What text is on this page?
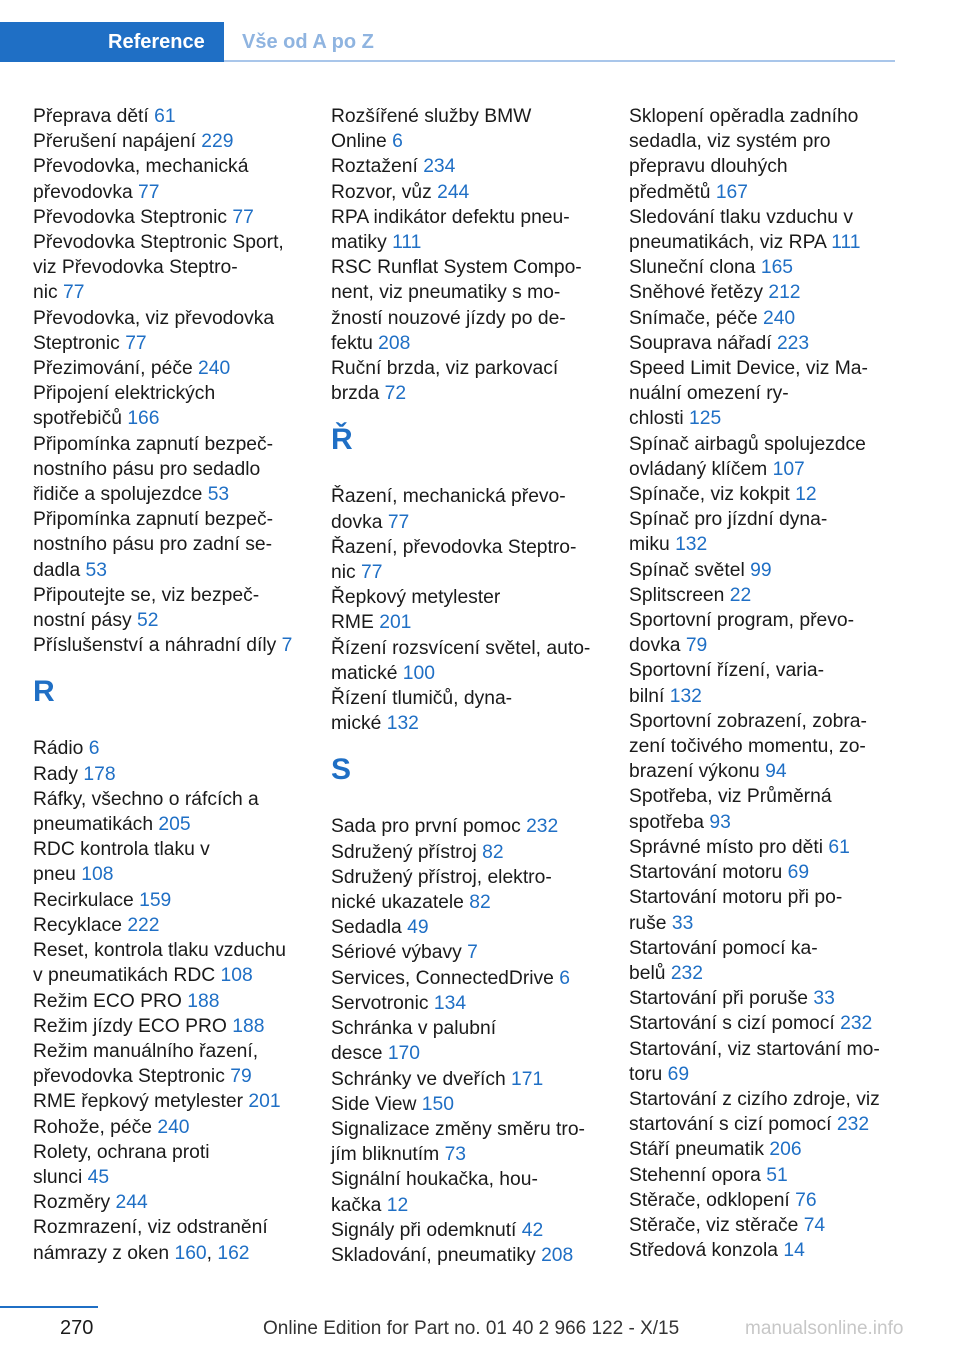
Reference	Vše od A po Z
Přeprava dětí 61
Přerušení napájení 229
Převodovka, mechanická
převodovka 77
Převodovka Steptronic 77
Převodovka Steptronic Sport,
viz Převodovka Steptro‐
nic 77
Převodovka, viz převodovka
Steptronic 77
Přezimování, péče 240
Připojení elektrických
spotřebičů 166
Připomínka zapnutí bezpeč‐
nostního pásu pro sedadlo
řidiče a spolujezdce 53
Připomínka zapnutí bezpeč‐
nostního pásu pro zadní se‐
dadla 53
Připoutejte se, viz bezpeč‐
nostní pásy 52
Příslušenství a náhradní díly 7
R
Rádio 6
Rady 178
Ráfky, všechno o ráfcích a
pneumatikách 205
RDC kontrola tlaku v
pneu 108
Recirkulace 159
Recyklace 222
Reset, kontrola tlaku vzduchu
v pneumatikách RDC 108
Režim ECO PRO 188
Režim jízdy ECO PRO 188
Režim manuálního řazení,
převodovka Steptronic 79
RME řepkový metylester 201
Rohože, péče 240
Rolety, ochrana proti
slunci 45
Rozměry 244
Rozmrazení, viz odstranění
námrazy z oken 160, 162
Rozšířené služby BMW
Online 6
Roztažení 234
Rozvor, vůz 244
RPA indikátor defektu pneu‐
matiky 111
RSC Runflat System Compo‐
nent, viz pneumatiky s mo‐
žností nouzové jízdy po de‐
fektu 208
Ruční brzda, viz parkovací
brzda 72
Ř
Řazení, mechanická převo‐
dovka 77
Řazení, převodovka Steptro‐
nic 77
Řepkový metylester
RME 201
Řízení rozsvícení světel, auto‐
matické 100
Řízení tlumičů, dyna‐
mické 132
S
Sada pro první pomoc 232
Sdružený přístroj 82
Sdružený přístroj, elektro‐
nické ukazatele 82
Sedadla 49
Sériové výbavy 7
Services, ConnectedDrive 6
Servotronic 134
Schránka v palubní
desce 170
Schránky ve dveřích 171
Side View 150
Signalizace změny směru tro‐
jím bliknutím 73
Signální houkačka, hou‐
kačka 12
Signály při odemknutí 42
Skladování, pneumatiky 208
Sklopení opěradla zadního
sedadla, viz systém pro
přepravu dlouhých
předmětů 167
Sledování tlaku vzduchu v
pneumatikách, viz RPA 111
Sluneční clona 165
Sněhové řetězy 212
Snímače, péče 240
Souprava nářadí 223
Speed Limit Device, viz Ma‐
nuální omezení ry‐
chlosti 125
Spínač airbagů spolujezdce
ovládaný klíčem 107
Spínače, viz kokpit 12
Spínač pro jízdní dyna‐
miku 132
Spínač světel 99
Splitscreen 22
Sportovní program, převo‐
dovka 79
Sportovní řízení, varia‐
bilní 132
Sportovní zobrazení, zobra‐
zení točivého momentu, zo‐
brazení výkonu 94
Spotřeba, viz Průměrná
spotřeba 93
Správné místo pro děti 61
Startování motoru 69
Startování motoru při po‐
ruše 33
Startování pomocí ka‐
belů 232
Startování při poruše 33
Startování s cizí pomocí 232
Startování, viz startování mo‐
toru 69
Startování z cizího zdroje, viz
startování s cizí pomocí 232
Stáří pneumatik 206
Stehenní opora 51
Stěrače, odklopení 76
Stěrače, viz stěrače 74
Středová konzola 14
270	Online Edition for Part no. 01 40 2 966 122 - X/15	manualsonline.info
